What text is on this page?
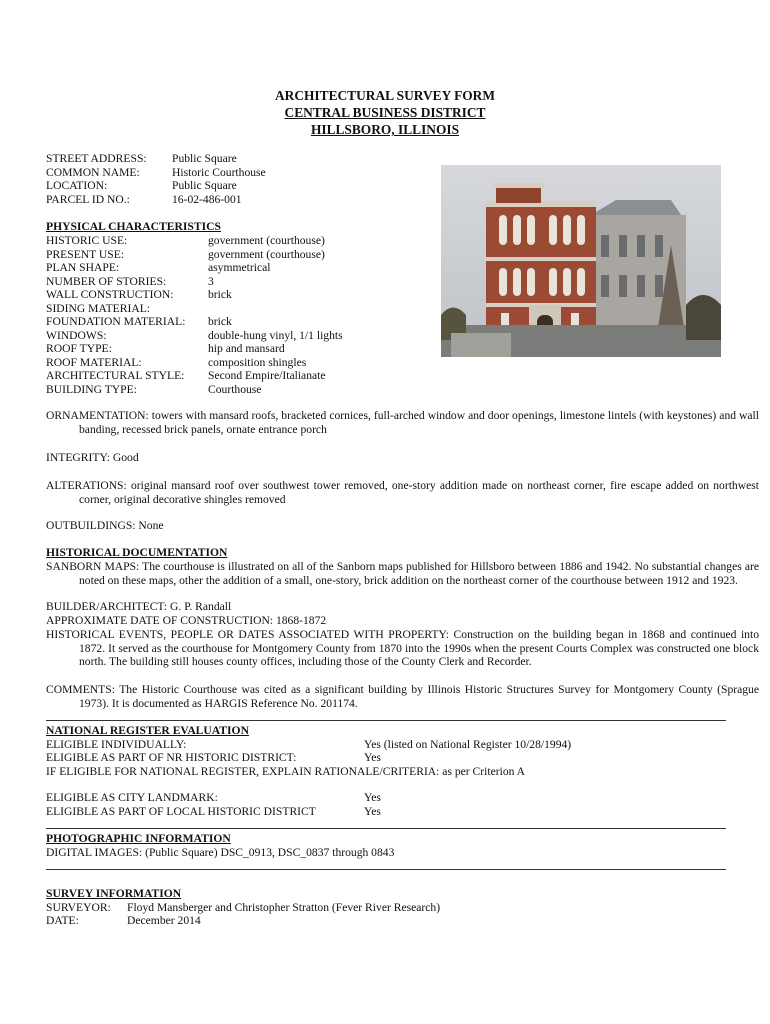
ARCHITECTURAL SURVEY FORM
CENTRAL BUSINESS DISTRICT
HILLSBORO, ILLINOIS
STREET ADDRESS: Public Square
COMMON NAME:	Historic Courthouse
LOCATION:	Public Square
PARCEL ID NO.:	16-02-486-001
PHYSICAL CHARACTERISTICS
HISTORIC USE:	government (courthouse)
PRESENT USE:	government (courthouse)
PLAN SHAPE:	asymmetrical
NUMBER OF STORIES:	3
WALL CONSTRUCTION:	brick
SIDING MATERIAL:
FOUNDATION MATERIAL: brick
WINDOWS:	double-hung vinyl, 1/1 lights
ROOF TYPE:	hip and mansard
ROOF MATERIAL:	composition shingles
ARCHITECTURAL STYLE: Second Empire/Italianate
BUILDING TYPE:	Courthouse
ORNAMENTATION: towers with mansard roofs, bracketed cornices, full-arched window and door openings, limestone lintels (with keystones) and wall banding, recessed brick panels, ornate entrance porch
INTEGRITY: Good
ALTERATIONS: original mansard roof over southwest tower removed, one-story addition made on northeast corner, fire escape added on northwest corner, original decorative shingles removed
OUTBUILDINGS: None
HISTORICAL DOCUMENTATION
SANBORN MAPS: The courthouse is illustrated on all of the Sanborn maps published for Hillsboro between 1886 and 1942. No substantial changes are noted on these maps, other the addition of a small, one-story, brick addition on the northeast corner of the courthouse between 1912 and 1923.
BUILDER/ARCHITECT: G. P. Randall
APPROXIMATE DATE OF CONSTRUCTION: 1868-1872
HISTORICAL EVENTS, PEOPLE OR DATES ASSOCIATED WITH PROPERTY: Construction on the building began in 1868 and continued into 1872. It served as the courthouse for Montgomery County from 1870 into the 1990s when the present Courts Complex was constructed one block north. The building still houses county offices, including those of the County Clerk and Recorder.
COMMENTS: The Historic Courthouse was cited as a significant building by Illinois Historic Structures Survey for Montgomery County (Sprague 1973). It is documented as HARGIS Reference No. 201174.
NATIONAL REGISTER EVALUATION
ELIGIBLE INDIVIDUALLY:	Yes (listed on National Register 10/28/1994)
ELIGIBLE AS PART OF NR HISTORIC DISTRICT:	Yes
IF ELIGIBLE FOR NATIONAL REGISTER, EXPLAIN RATIONALE/CRITERIA: as per Criterion A
ELIGIBLE AS CITY LANDMARK:	Yes
ELIGIBLE AS PART OF LOCAL HISTORIC DISTRICT	Yes
PHOTOGRAPHIC INFORMATION
DIGITAL IMAGES: (Public Square) DSC_0913, DSC_0837 through 0843
SURVEY INFORMATION
SURVEYOR: Floyd Mansberger and Christopher Stratton (Fever River Research)
DATE:	December 2014
